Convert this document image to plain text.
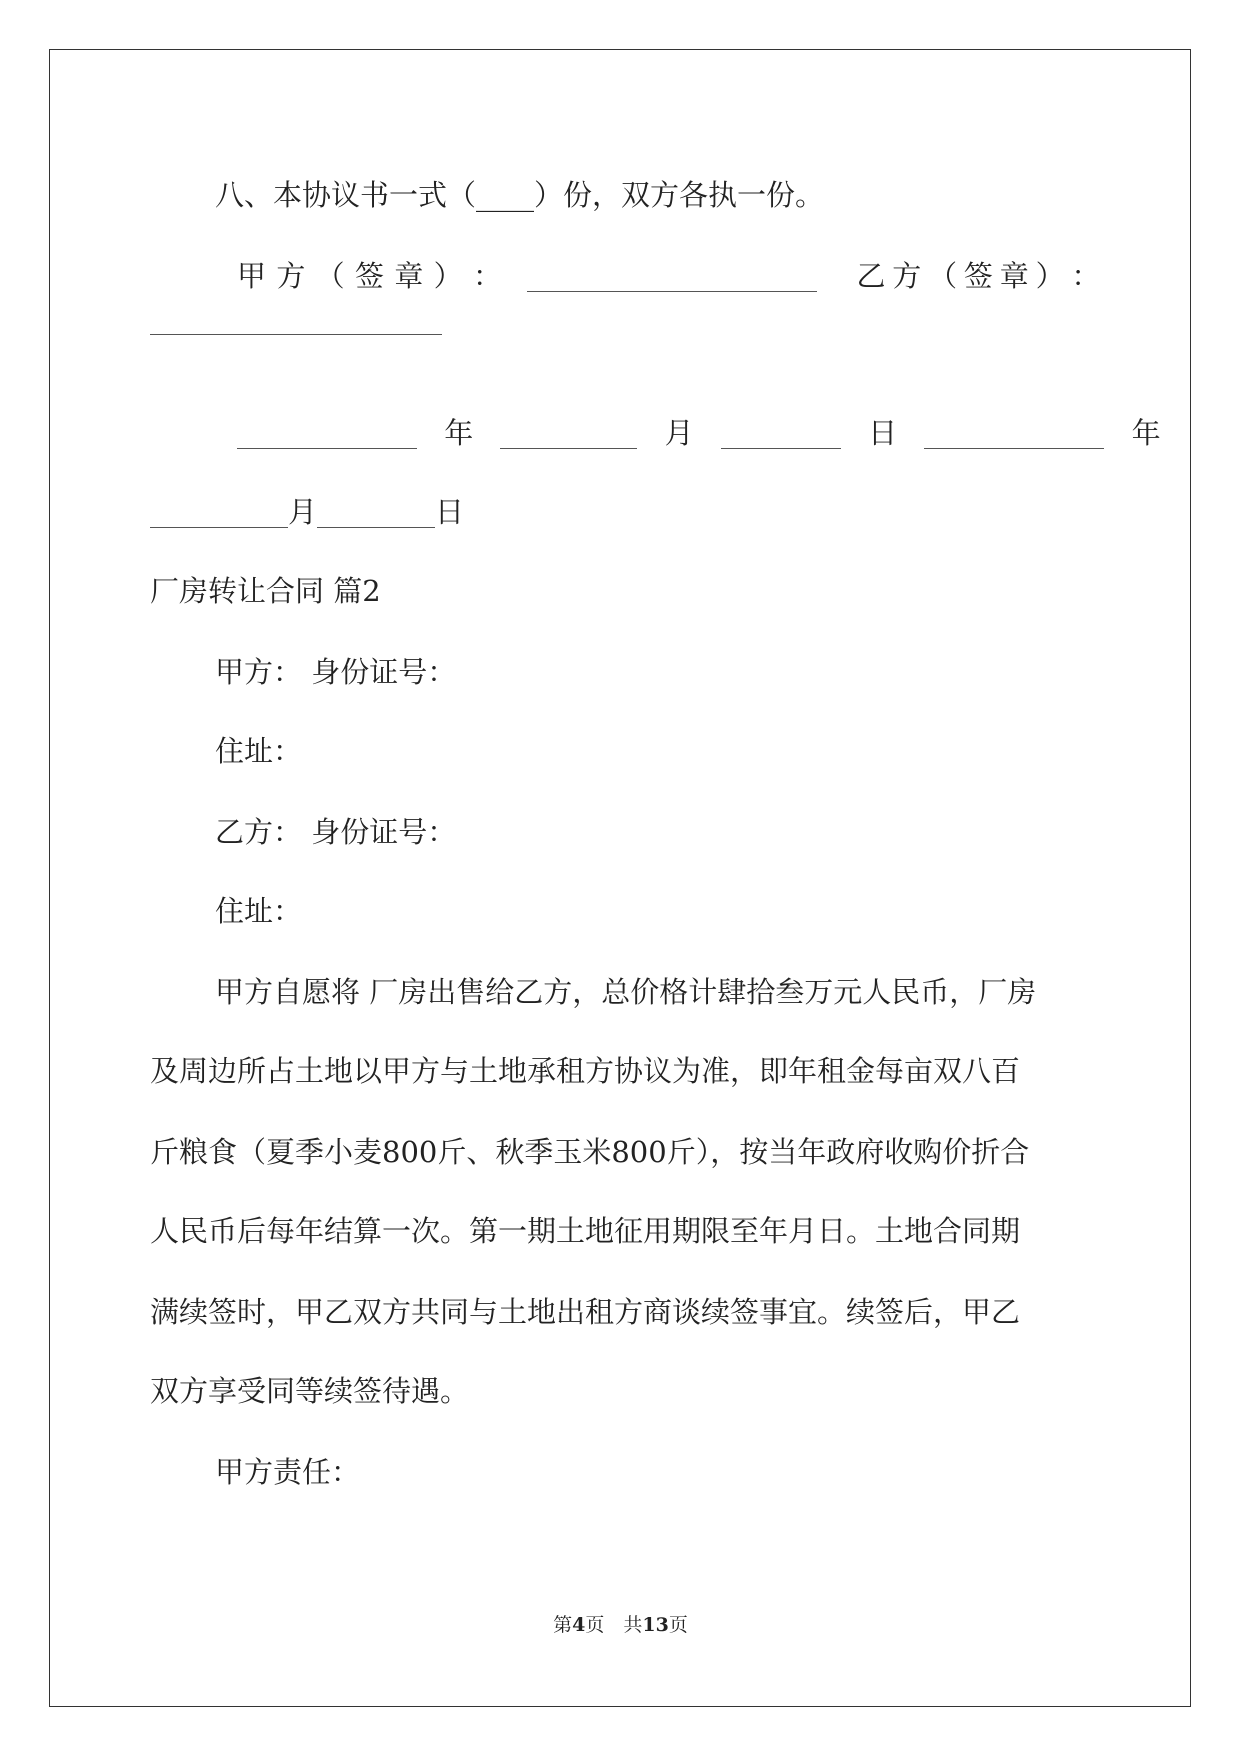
八、本协议书一式（____）份，双方各执一份。
甲 方 （ 签 章 ） ：
	乙 方 （ 签 章 ） ：
年	月	日	年
月	日
厂房转让合同 篇2
甲方： 身份证号：
住址：
乙方： 身份证号：
住址：
甲方自愿将 厂房出售给乙方，总价格计肆拾叁万元人民币，厂房
及周边所占土地以甲方与土地承租方协议为准，即年租金每亩双八百
斤粮食（夏季小麦800斤、秋季玉米800斤），按当年政府收购价折合
人民币后每年结算一次。第一期土地征用期限至年月日。土地合同期
满续签时，甲乙双方共同与土地出租方商谈续签事宜。续签后，甲乙
双方享受同等续签待遇。
甲方责任：
第4页　共13页
